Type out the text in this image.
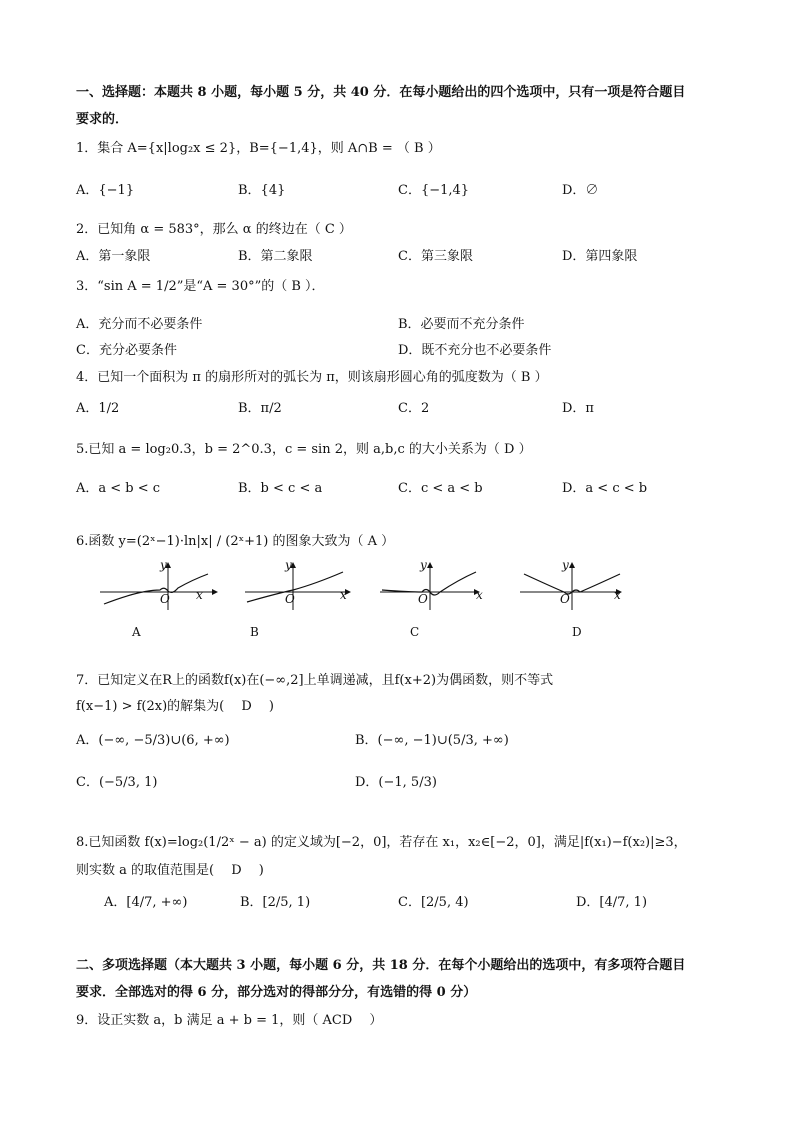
一、选择题：本题共 8 小题，每小题 5 分，共 40 分．在每小题给出的四个选项中，只有一项是符合题目
要求的．
1．集合 A={x|log₂x ≤ 2}，B={−1,4}，则 A∩B = （ B ）
A．{−1}	B．{4}	C．{−1,4}	D．∅
2．已知角 α = 583°，那么 α 的终边在（ C ）
A．第一象限	B．第二象限	C．第三象限	D．第四象限
3．“sin A = 1/2”是“A = 30°”的（ B ）．
A．充分而不必要条件	B．必要而不充分条件
C．充分必要条件	D．既不充分也不必要条件
4．已知一个面积为 π 的扇形所对的弧长为 π，则该扇形圆心角的弧度数为（ B ）
A．1/2	B．π/2	C．2	D．π
5.已知 a = log₂0.3，b = 2^0.3，c = sin 2，则 a,b,c 的大小关系为（ D ）
A．a < b < c	B．b < c < a	C．c < a < b	D．a < c < b
6.函数 y=(2ˣ−1)·ln|x| / (2ˣ+1) 的图象大致为（ A ）
y
O x
A
y
O	x
B
y
O	x
C
y
O	x
D
7．已知定义在R上的函数f(x)在(−∞,2]上单调递减，且f(x+2)为偶函数，则不等式
f(x−1) > f(2x)的解集为(　 D 　)
A．(−∞, −5/3)∪(6, +∞)	B．(−∞, −1)∪(5/3, +∞)
C．(−5/3, 1)	D．(−1, 5/3)
8.已知函数 f(x)=log₂(1/2ˣ − a) 的定义域为[−2，0]，若存在 x₁，x₂∈[−2，0]，满足|f(x₁)−f(x₂)|≥3，
则实数 a 的取值范围是(　 D 　)
A．[4/7, +∞)	B．[2/5, 1)	C．[2/5, 4)	D．[4/7, 1)
二、多项选择题（本大题共 3 小题，每小题 6 分，共 18 分．在每个小题给出的选项中，有多项符合题目
要求．全部选对的得 6 分，部分选对的得部分分，有选错的得 0 分）
9．设正实数 a，b 满足 a + b = 1，则（ ACD 　）
